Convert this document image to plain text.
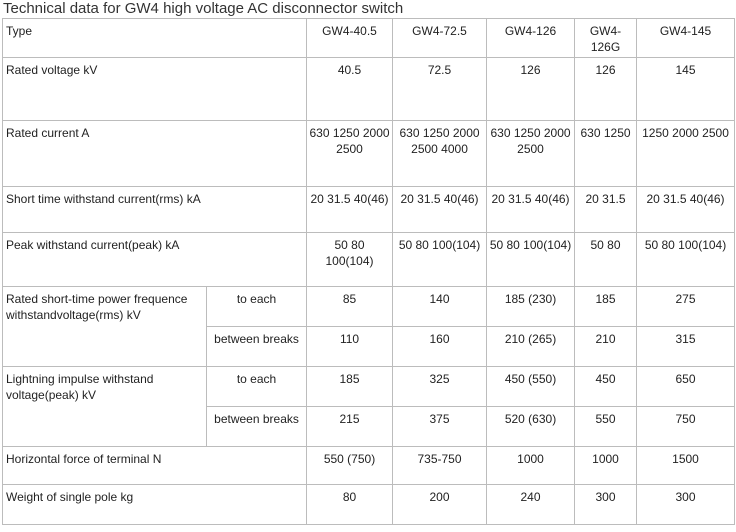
Technical data for GW4 high voltage AC disconnector switch
Type		GW4-40.5	GW4-72.5	GW4-126	GW4-126G	GW4-145
Rated voltage kV		40.5	72.5	126	126	145
Rated current A		630 1250 2000 2500	630 1250 2000 2500 4000	630 1250 2000 2500	630 1250	1250 2000 2500
Short time withstand current(rms) kA		20 31.5 40(46)	20 31.5 40(46)	20 31.5 40(46)	20 31.5	20 31.5 40(46)
Peak withstand current(peak) kA		50 80 100(104)	50 80 100(104)	50 80 100(104)	50 80	50 80 100(104)
Rated short-time power frequence withstandvoltage(rms) kV	to each	85	140	185 (230)	185	275
	between breaks	110	160	210 (265)	210	315
Lightning impulse withstand voltage(peak) kV	to each	185	325	450 (550)	450	650
	between breaks	215	375	520 (630)	550	750
Horizontal force of terminal N		550 (750)	735-750	1000	1000	1500
Weight of single pole kg		80	200	240	300	300
